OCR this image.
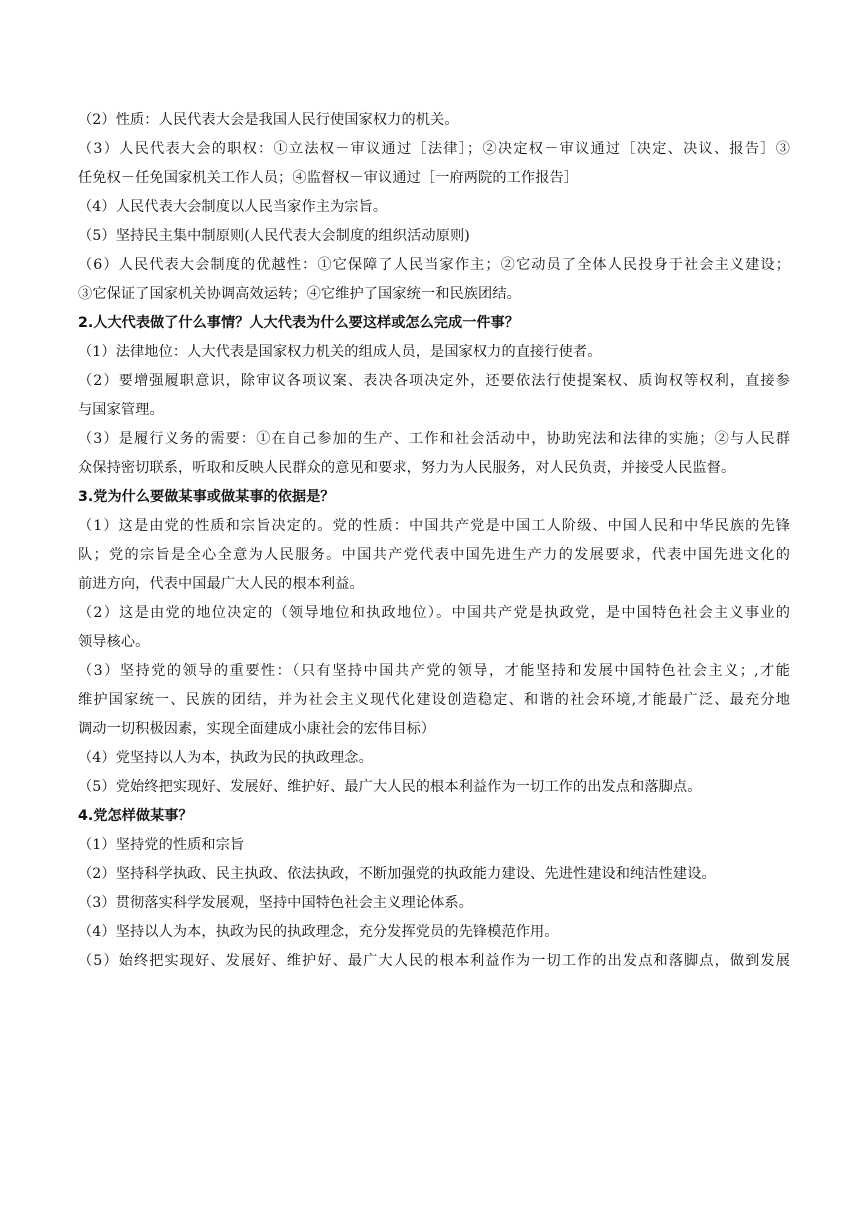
（2）性质：人民代表大会是我国人民行使国家权力的机关。
（3）人民代表大会的职权：①立法权－审议通过［法律］；②决定权－审议通过［决定、决议、报告］③
任免权－任免国家机关工作人员；④监督权－审议通过［一府两院的工作报告］
（4）人民代表大会制度以人民当家作主为宗旨。
（5）坚持民主集中制原则(人民代表大会制度的组织活动原则)
（6）人民代表大会制度的优越性：①它保障了人民当家作主；②它动员了全体人民投身于社会主义建设；
③它保证了国家机关协调高效运转；④它维护了国家统一和民族团结。
2.人大代表做了什么事情？人大代表为什么要这样或怎么完成一件事？
（1）法律地位：人大代表是国家权力机关的组成人员，是国家权力的直接行使者。
（2）要增强履职意识，除审议各项议案、表决各项决定外，还要依法行使提案权、质询权等权利，直接参
与国家管理。
（3）是履行义务的需要：①在自己参加的生产、工作和社会活动中，协助宪法和法律的实施；②与人民群
众保持密切联系，听取和反映人民群众的意见和要求，努力为人民服务，对人民负责，并接受人民监督。
3.党为什么要做某事或做某事的依据是？
（1）这是由党的性质和宗旨决定的。党的性质：中国共产党是中国工人阶级、中国人民和中华民族的先锋
队；党的宗旨是全心全意为人民服务。中国共产党代表中国先进生产力的发展要求，代表中国先进文化的
前进方向，代表中国最广大人民的根本利益。
（2）这是由党的地位决定的（领导地位和执政地位）。中国共产党是执政党，是中国特色社会主义事业的
领导核心。
（3）坚持党的领导的重要性：（只有坚持中国共产党的领导，才能坚持和发展中国特色社会主义；,才能
维护国家统一、民族的团结，并为社会主义现代化建设创造稳定、和谐的社会环境,才能最广泛、最充分地
调动一切积极因素，实现全面建成小康社会的宏伟目标）
（4）党坚持以人为本，执政为民的执政理念。
（5）党始终把实现好、发展好、维护好、最广大人民的根本利益作为一切工作的出发点和落脚点。
4.党怎样做某事？
（1）坚持党的性质和宗旨
（2）坚持科学执政、民主执政、依法执政，不断加强党的执政能力建设、先进性建设和纯洁性建设。
（3）贯彻落实科学发展观，坚持中国特色社会主义理论体系。
（4）坚持以人为本，执政为民的执政理念，充分发挥党员的先锋模范作用。
（5）始终把实现好、发展好、维护好、最广大人民的根本利益作为一切工作的出发点和落脚点，做到发展
